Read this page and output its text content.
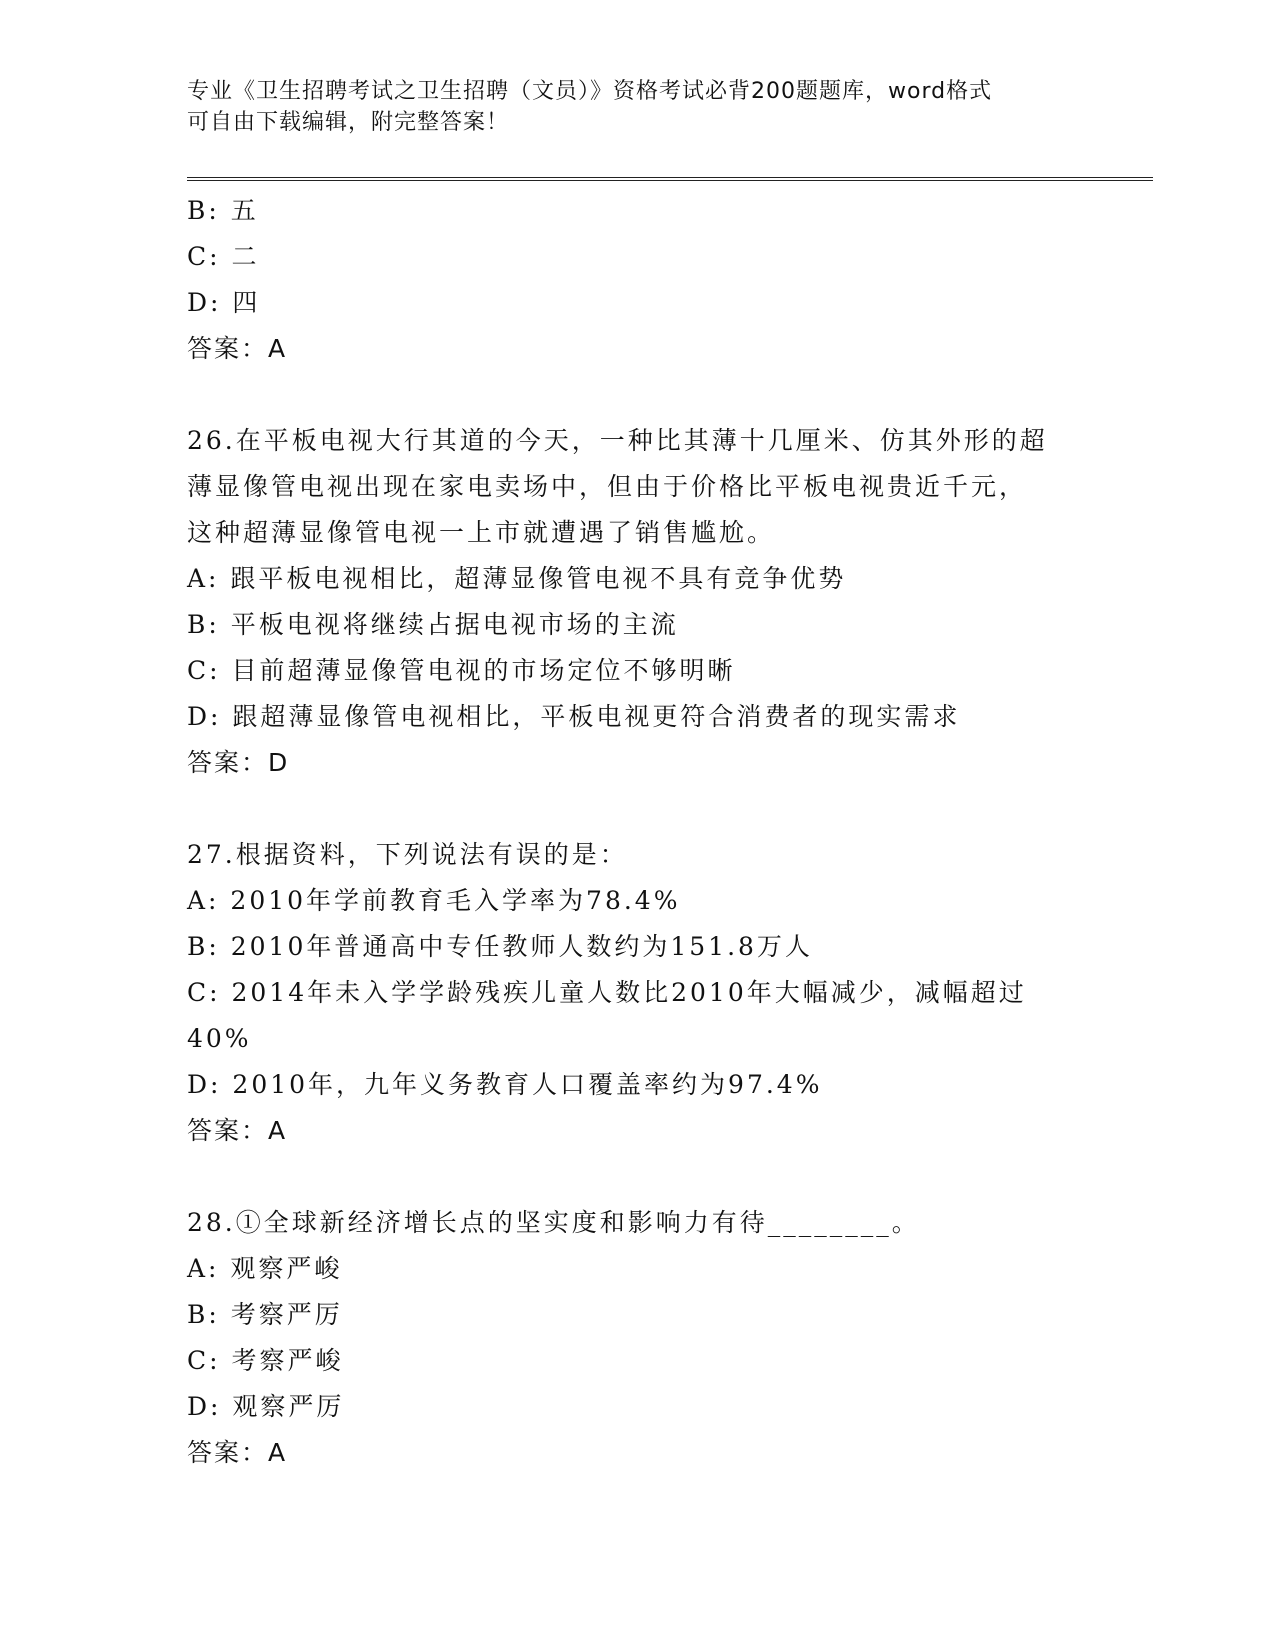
专业《卫生招聘考试之卫生招聘（文员）》资格考试必背200题题库，word格式
可自由下载编辑，附完整答案！
B: 五
C: 二
D: 四
答案：A
26.在平板电视大行其道的今天，一种比其薄十几厘米、仿其外形的超
薄显像管电视出现在家电卖场中，但由于价格比平板电视贵近千元，
这种超薄显像管电视一上市就遭遇了销售尴尬。
A: 跟平板电视相比，超薄显像管电视不具有竞争优势
B: 平板电视将继续占据电视市场的主流
C: 目前超薄显像管电视的市场定位不够明晰
D: 跟超薄显像管电视相比，平板电视更符合消费者的现实需求
答案：D
27.根据资料，下列说法有误的是：
A: 2010年学前教育毛入学率为78.4%
B: 2010年普通高中专任教师人数约为151.8万人
C: 2014年未入学学龄残疾儿童人数比2010年大幅减少，减幅超过
40%
D: 2010年，九年义务教育人口覆盖率约为97.4%
答案：A
28.①全球新经济增长点的坚实度和影响力有待________。
A: 观察严峻
B: 考察严厉
C: 考察严峻
D: 观察严厉
答案：A
